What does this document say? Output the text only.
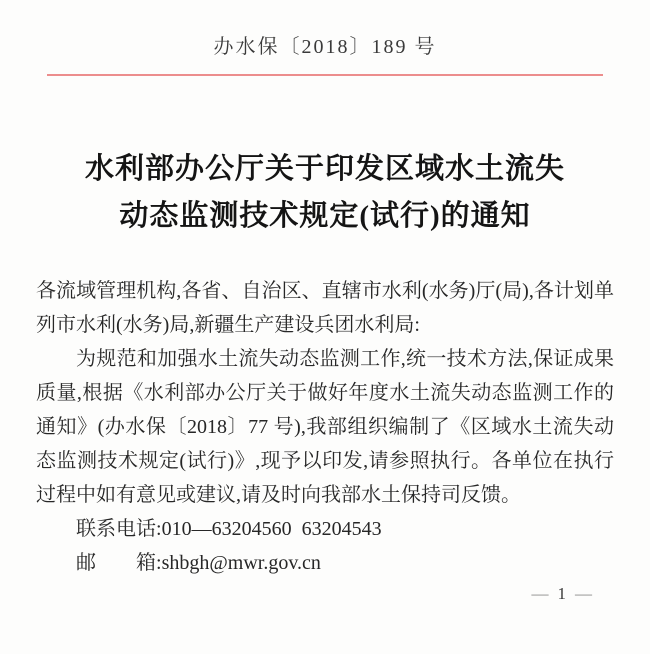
办水保〔2018〕189 号
水利部办公厅关于印发区域水土流失
动态监测技术规定(试行)的通知

各流域管理机构,各省、自治区、直辖市水利(水务)厅(局),各计划单列市水利(水务)局,新疆生产建设兵团水利局:

为规范和加强水土流失动态监测工作,统一技术方法,保证成果质量,根据《水利部办公厅关于做好年度水土流失动态监测工作的通知》(办水保〔2018〕77 号),我部组织编制了《区域水土流失动态监测技术规定(试行)》,现予以印发,请参照执行。各单位在执行过程中如有意见或建议,请及时向我部水土保持司反馈。

联系电话:010—63204560  63204543

邮箱:shbgh@mwr.gov.cn

— 1 —
